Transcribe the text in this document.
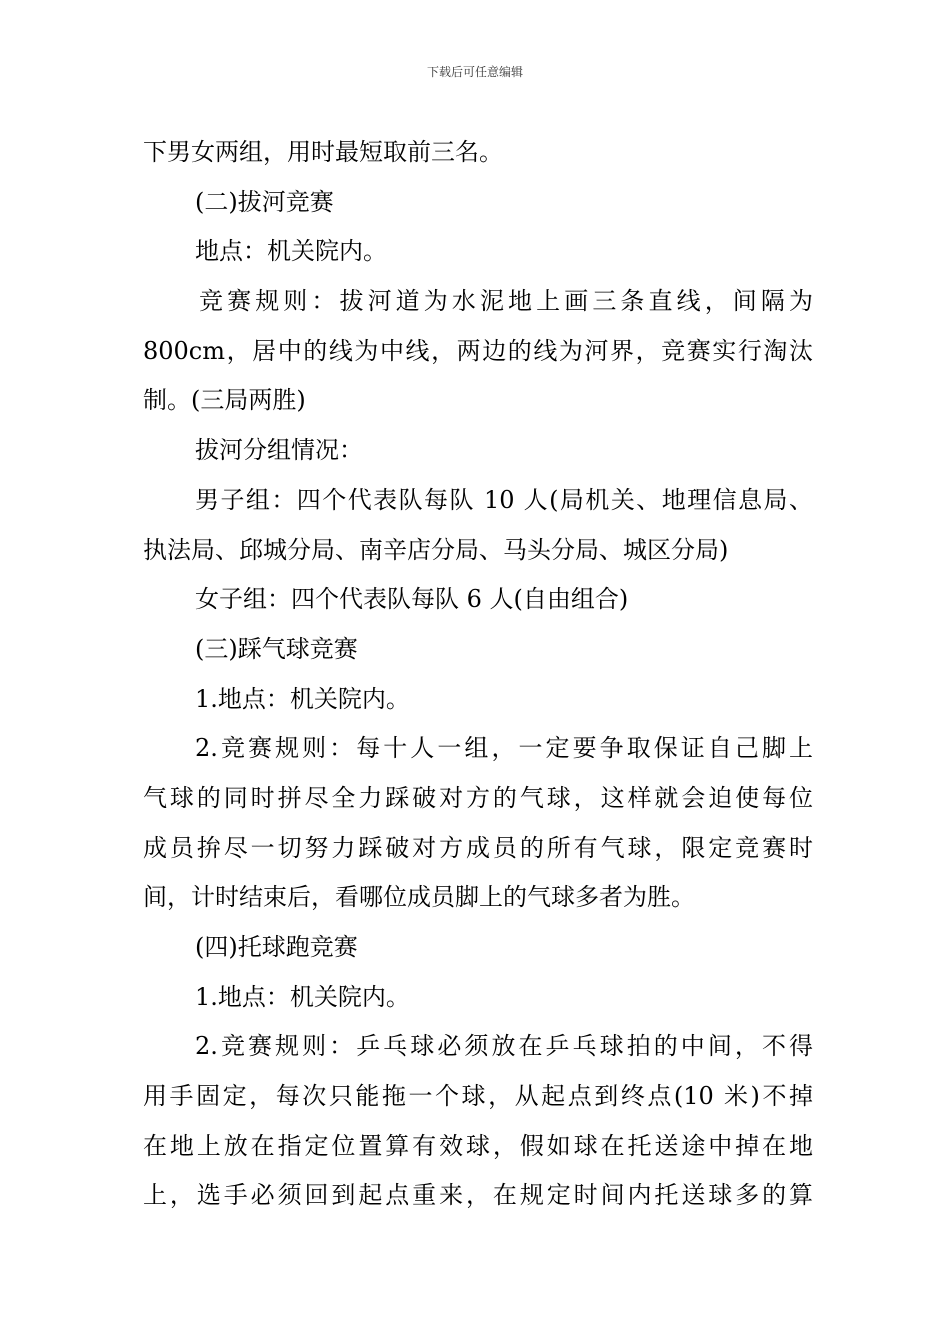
下载后可任意编辑
下男女两组，用时最短取前三名。
(二)拔河竞赛
地点：机关院内。
竞赛规则：拔河道为水泥地上画三条直线，间隔为
800cm，居中的线为中线，两边的线为河界，竞赛实行淘汰
制。(三局两胜)
拔河分组情况：
男子组：四个代表队每队 10 人(局机关、地理信息局、
执法局、邱城分局、南辛店分局、马头分局、城区分局)
女子组：四个代表队每队 6 人(自由组合)
(三)踩气球竞赛
1.地点：机关院内。
2.竞赛规则：每十人一组，一定要争取保证自己脚上
气球的同时拼尽全力踩破对方的气球，这样就会迫使每位
成员拚尽一切努力踩破对方成员的所有气球，限定竞赛时
间，计时结束后，看哪位成员脚上的气球多者为胜。
(四)托球跑竞赛
1.地点：机关院内。
2.竞赛规则：乒乓球必须放在乒乓球拍的中间，不得
用手固定，每次只能拖一个球，从起点到终点(10 米)不掉
在地上放在指定位置算有效球，假如球在托送途中掉在地
上，选手必须回到起点重来，在规定时间内托送球多的算
